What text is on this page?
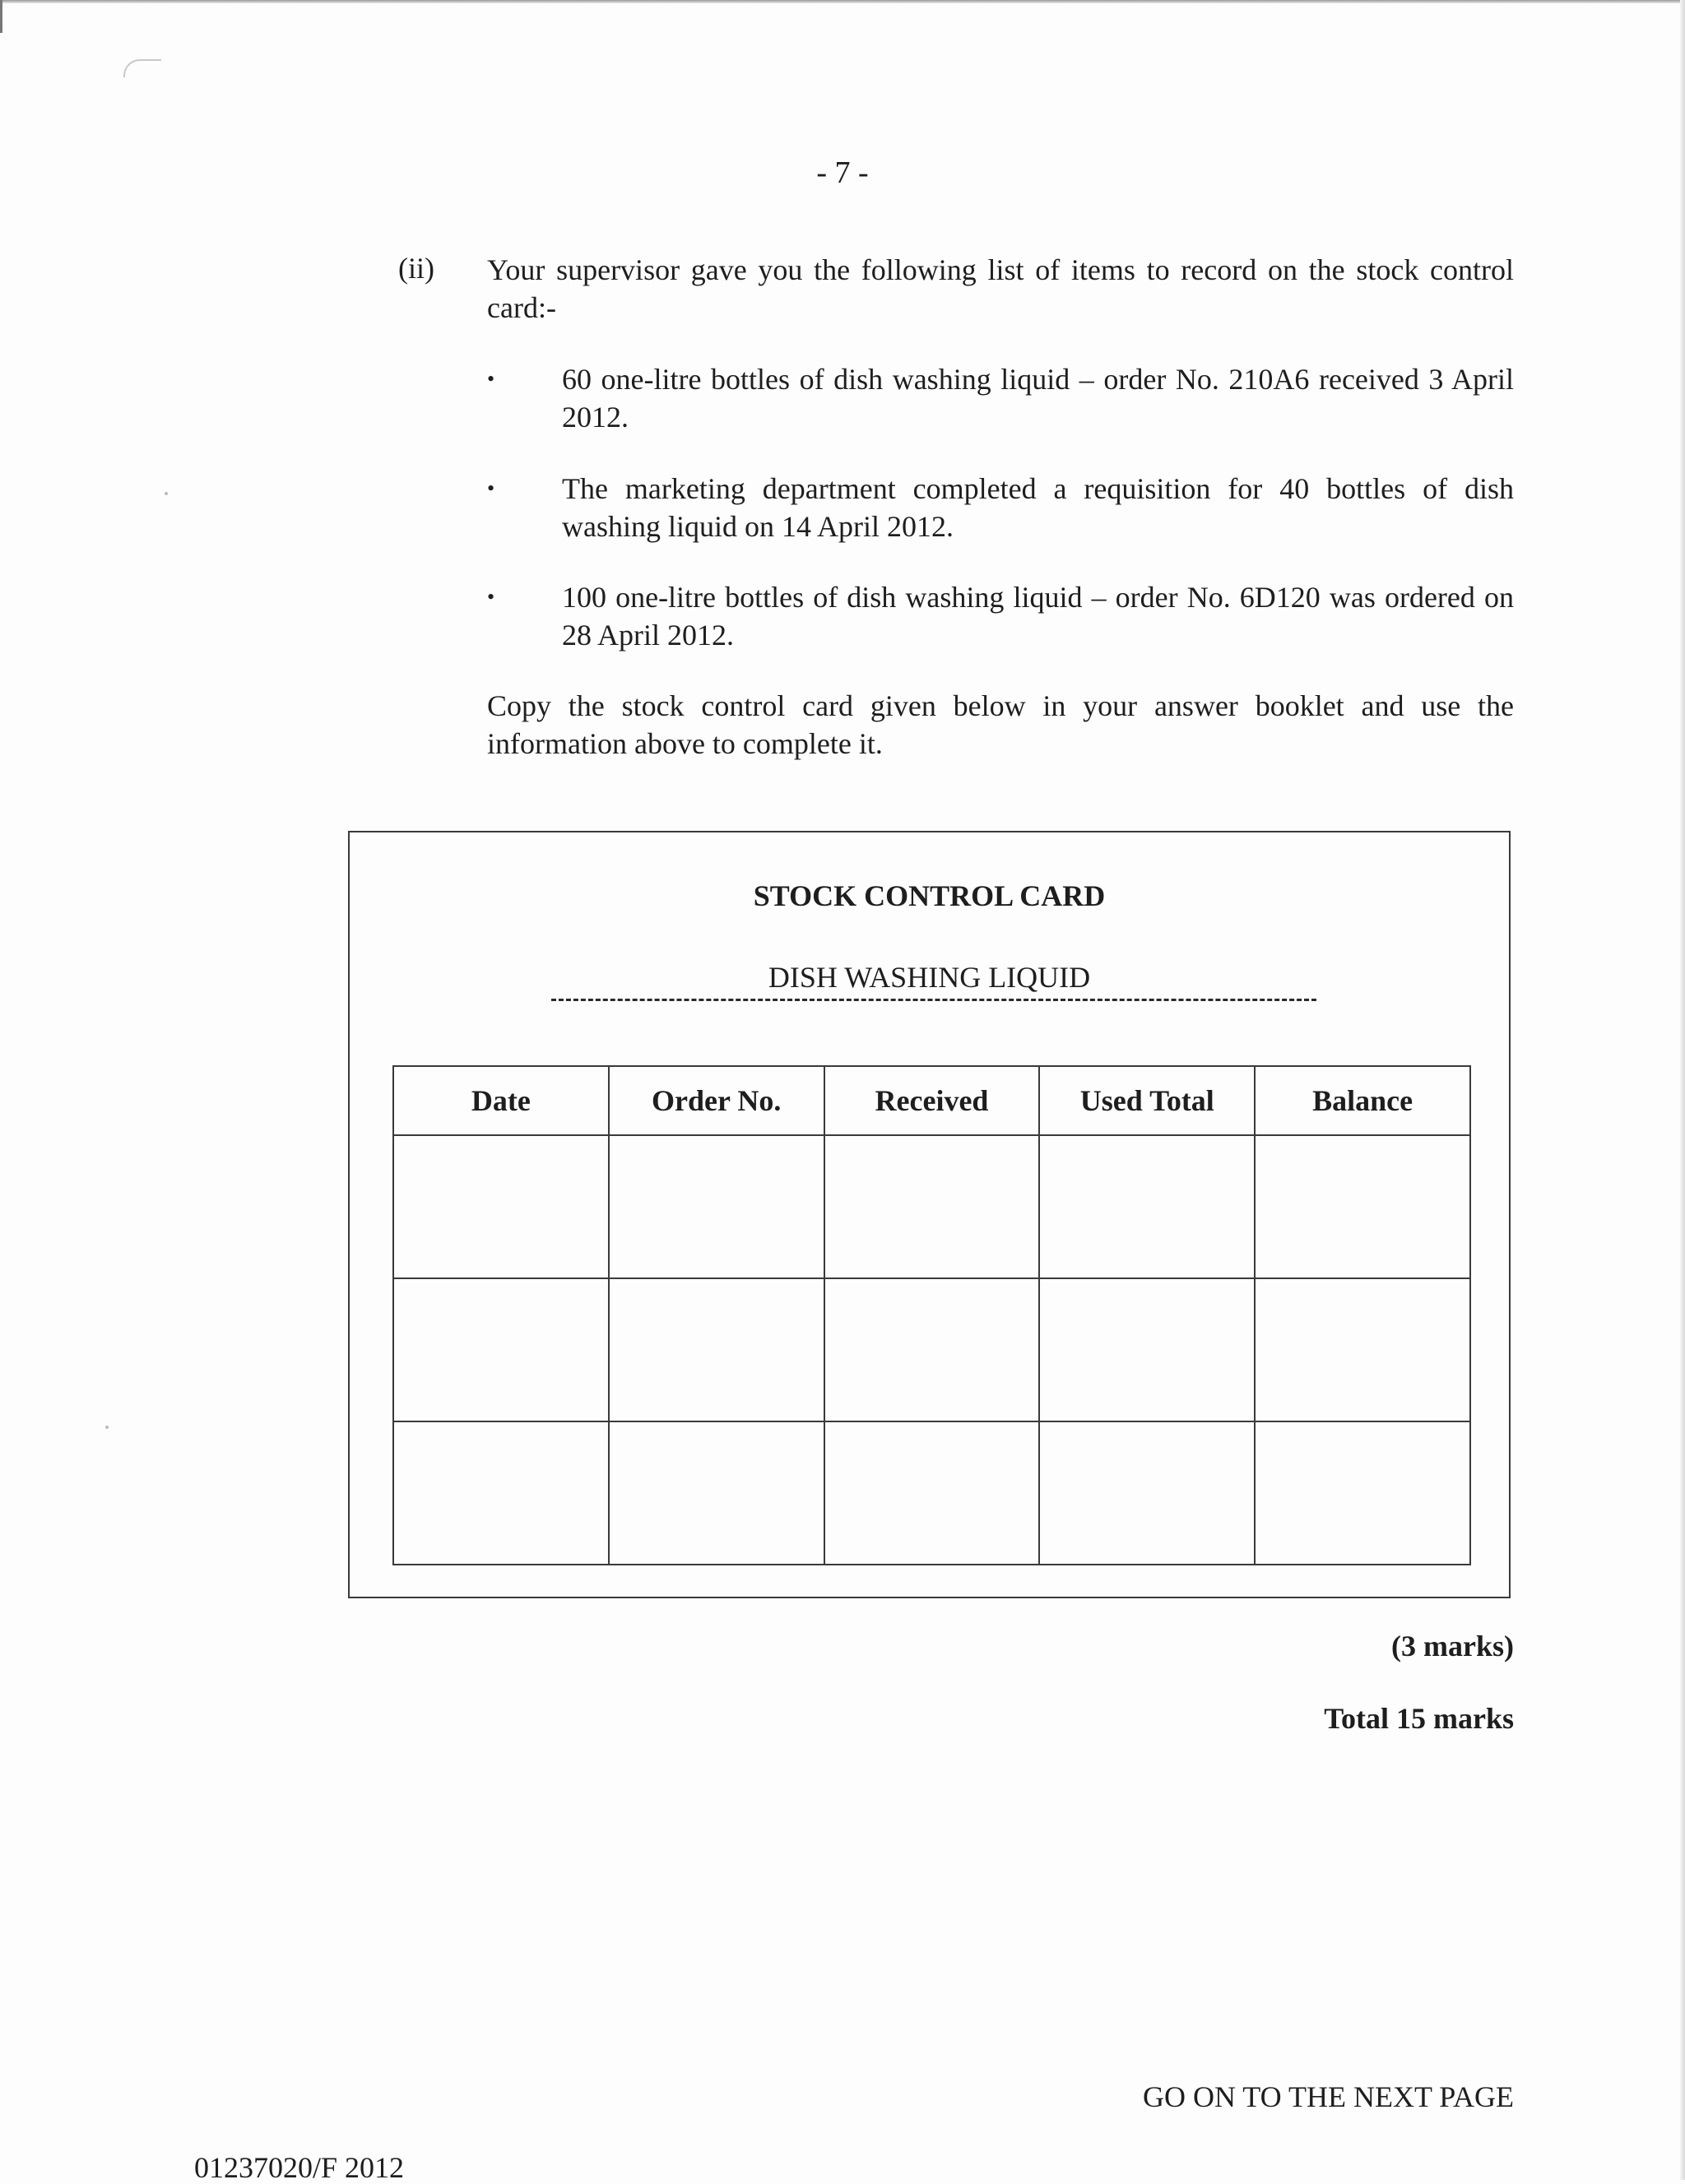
- 7 -
(ii) Your supervisor gave you the following list of items to record on the stock control card:-
•	60 one-litre bottles of dish washing liquid – order No. 210A6 received 3 April 2012.
•	The marketing department completed a requisition for 40 bottles of dish washing liquid on 14 April 2012.
•	100 one-litre bottles of dish washing liquid – order No. 6D120 was ordered on 28 April 2012.
Copy the stock control card given below in your answer booklet and use the information above to complete it.
STOCK CONTROL CARD
DISH WASHING LIQUID
Date	Order No.	Received	Used Total	Balance

(3 marks)
Total 15 marks
GO ON TO THE NEXT PAGE
01237020/F 2012
